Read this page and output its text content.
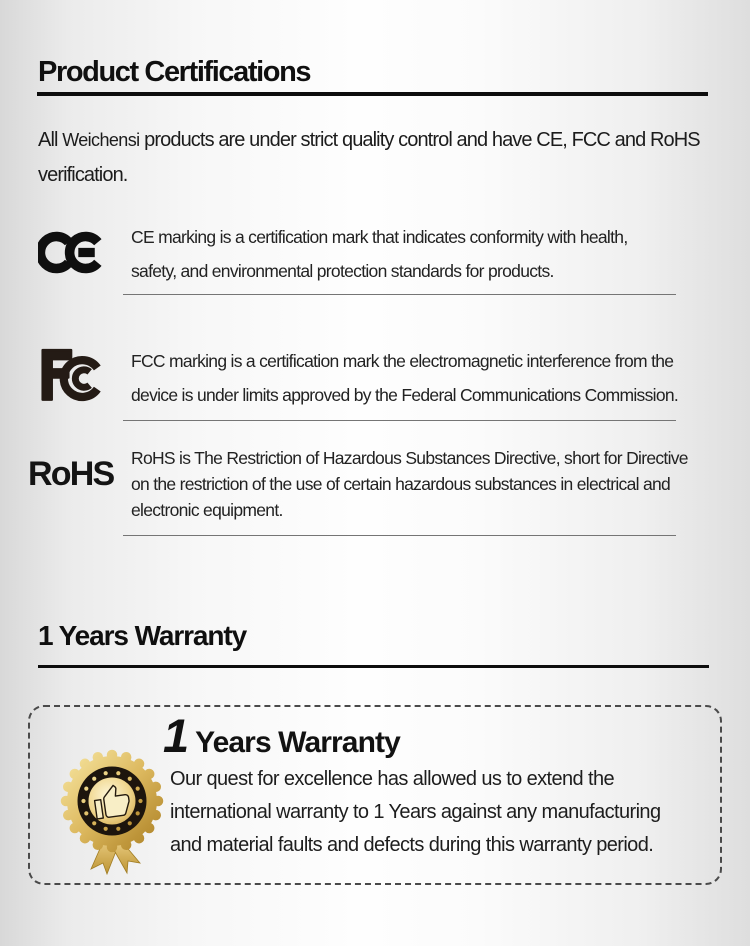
Product Certifications

All Weichensi products are under strict quality control and have CE, FCC and RoHS verification.

CE marking is a certification mark that indicates conformity with health,
safety, and environmental protection standards for products.
FCC marking is a certification mark the electromagnetic interference from the
device is under limits approved by the Federal Communications Commission.
RoHS	RoHS is The Restriction of Hazardous Substances Directive, short for Directive
on the restriction of the use of certain hazardous substances in electrical and
electronic equipment.
1 Years Warranty
1 Years Warranty
Our quest for excellence has allowed us to extend the
international warranty to 1 Years against any manufacturing
and material faults and defects during this warranty period.
